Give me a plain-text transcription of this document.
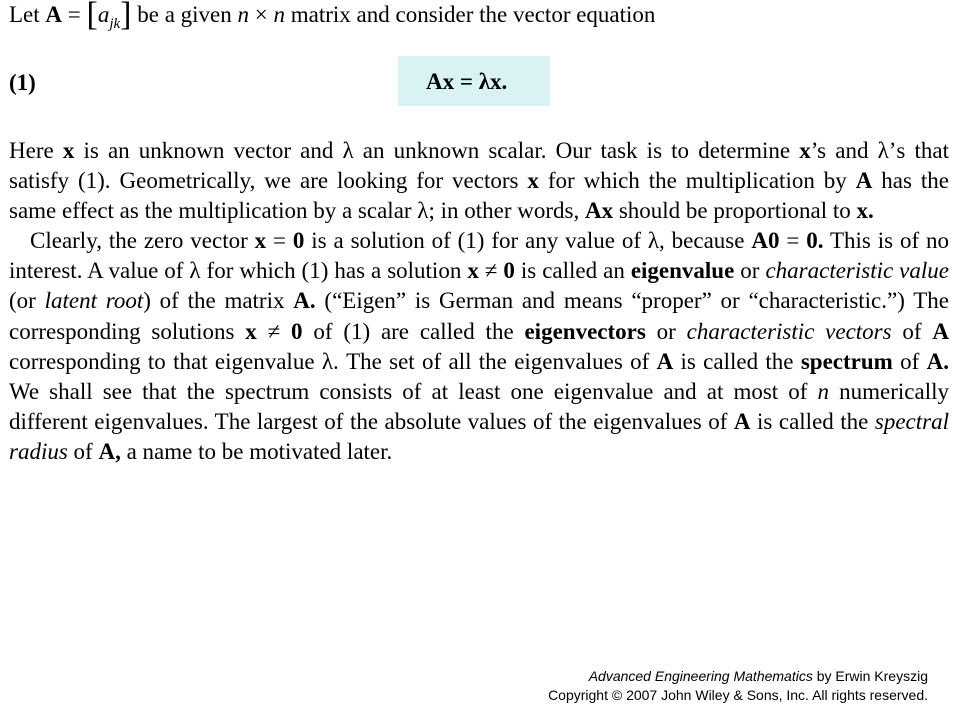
Let $A = [a_{jk}]$ be a given n × n matrix and consider the vector equation
(1)	Ax = λx.

Here x is an unknown vector and λ an unknown scalar. Our task is to determine x’s and λ’s that satisfy (1). Geometrically, we are looking for vectors x for which the multiplication by A has the same effect as the multiplication by a scalar λ; in other words, Ax should be proportional to x.

Clearly, the zero vector x = 0 is a solution of (1) for any value of λ, because A0 = 0. This is of no interest. A value of λ for which (1) has a solution x ≠ 0 is called an eigenvalue or characteristic value (or latent root) of the matrix A. (“Eigen” is German and means “proper” or “characteristic.”) The corresponding solutions x ≠ 0 of (1) are called the eigenvectors or characteristic vectors of A corresponding to that eigenvalue λ. The set of all the eigenvalues of A is called the spectrum of A. We shall see that the spectrum consists of at least one eigenvalue and at most of n numerically different eigenvalues. The largest of the absolute values of the eigenvalues of A is called the spectral radius of A, a name to be motivated later.

Advanced Engineering Mathematics by Erwin Kreyszig
Copyright © 2007 John Wiley & Sons, Inc. All rights reserved.
